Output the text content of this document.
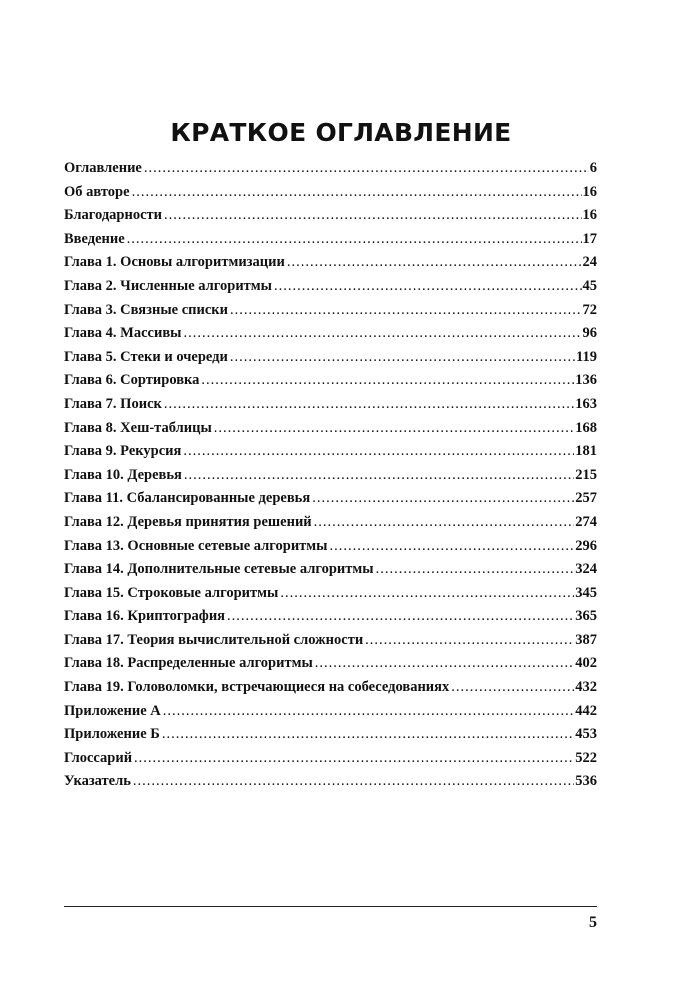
КРАТКОЕ ОГЛАВЛЕНИЕ
Оглавление .....	6
Об авторе .....	16
Благодарности .....	16
Введение .....	17
Глава 1. Основы алгоритмизации .....	24
Глава 2. Численные алгоритмы .....	45
Глава 3. Связные списки .....	72
Глава 4. Массивы .....	96
Глава 5. Стеки и очереди .....	119
Глава 6. Сортировка .....	136
Глава 7. Поиск .....	163
Глава 8. Хеш-таблицы .....	168
Глава 9. Рекурсия .....	181
Глава 10. Деревья .....	215
Глава 11. Сбалансированные деревья .....	257
Глава 12. Деревья принятия решений .....	274
Глава 13. Основные сетевые алгоритмы .....	296
Глава 14. Дополнительные сетевые алгоритмы .....	324
Глава 15. Строковые алгоритмы .....	345
Глава 16. Криптография .....	365
Глава 17. Теория вычислительной сложности .....	387
Глава 18. Распределенные алгоритмы .....	402
Глава 19. Головоломки, встречающиеся на собеседованиях .....	432
Приложение А .....	442
Приложение Б .....	453
Глоссарий .....	522
Указатель .....	536
5
